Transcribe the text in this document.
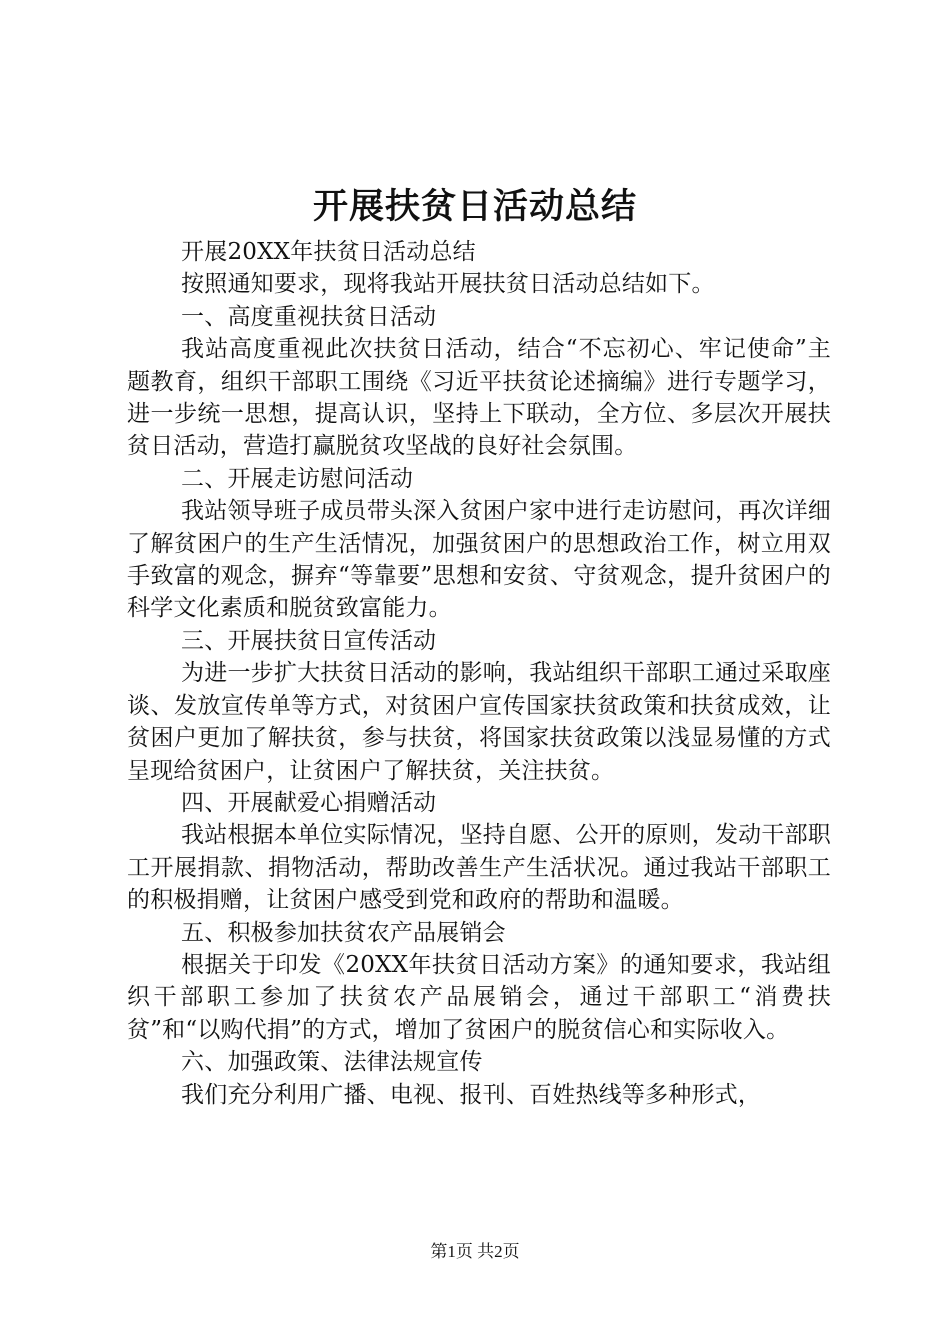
开展扶贫日活动总结

开展20XX年扶贫日活动总结

按照通知要求，现将我站开展扶贫日活动总结如下。

一、高度重视扶贫日活动

我站高度重视此次扶贫日活动，结合“不忘初心、牢记使命”主题教育，组织干部职工围绕《习近平扶贫论述摘编》进行专题学习，进一步统一思想，提高认识，坚持上下联动，全方位、多层次开展扶贫日活动，营造打赢脱贫攻坚战的良好社会氛围。

二、开展走访慰问活动

我站领导班子成员带头深入贫困户家中进行走访慰问，再次详细了解贫困户的生产生活情况，加强贫困户的思想政治工作，树立用双手致富的观念，摒弃“等靠要”思想和安贫、守贫观念，提升贫困户的科学文化素质和脱贫致富能力。

三、开展扶贫日宣传活动

为进一步扩大扶贫日活动的影响，我站组织干部职工通过采取座谈、发放宣传单等方式，对贫困户宣传国家扶贫政策和扶贫成效，让贫困户更加了解扶贫，参与扶贫，将国家扶贫政策以浅显易懂的方式呈现给贫困户，让贫困户了解扶贫，关注扶贫。

四、开展献爱心捐赠活动

我站根据本单位实际情况，坚持自愿、公开的原则，发动干部职工开展捐款、捐物活动，帮助改善生产生活状况。通过我站干部职工的积极捐赠，让贫困户感受到党和政府的帮助和温暖。

五、积极参加扶贫农产品展销会

根据关于印发《20XX年扶贫日活动方案》的通知要求，我站组织干部职工参加了扶贫农产品展销会，通过干部职工“消费扶贫”和“以购代捐”的方式，增加了贫困户的脱贫信心和实际收入。

六、加强政策、法律法规宣传

我们充分利用广播、电视、报刊、百姓热线等多种形式，

第1页 共2页
